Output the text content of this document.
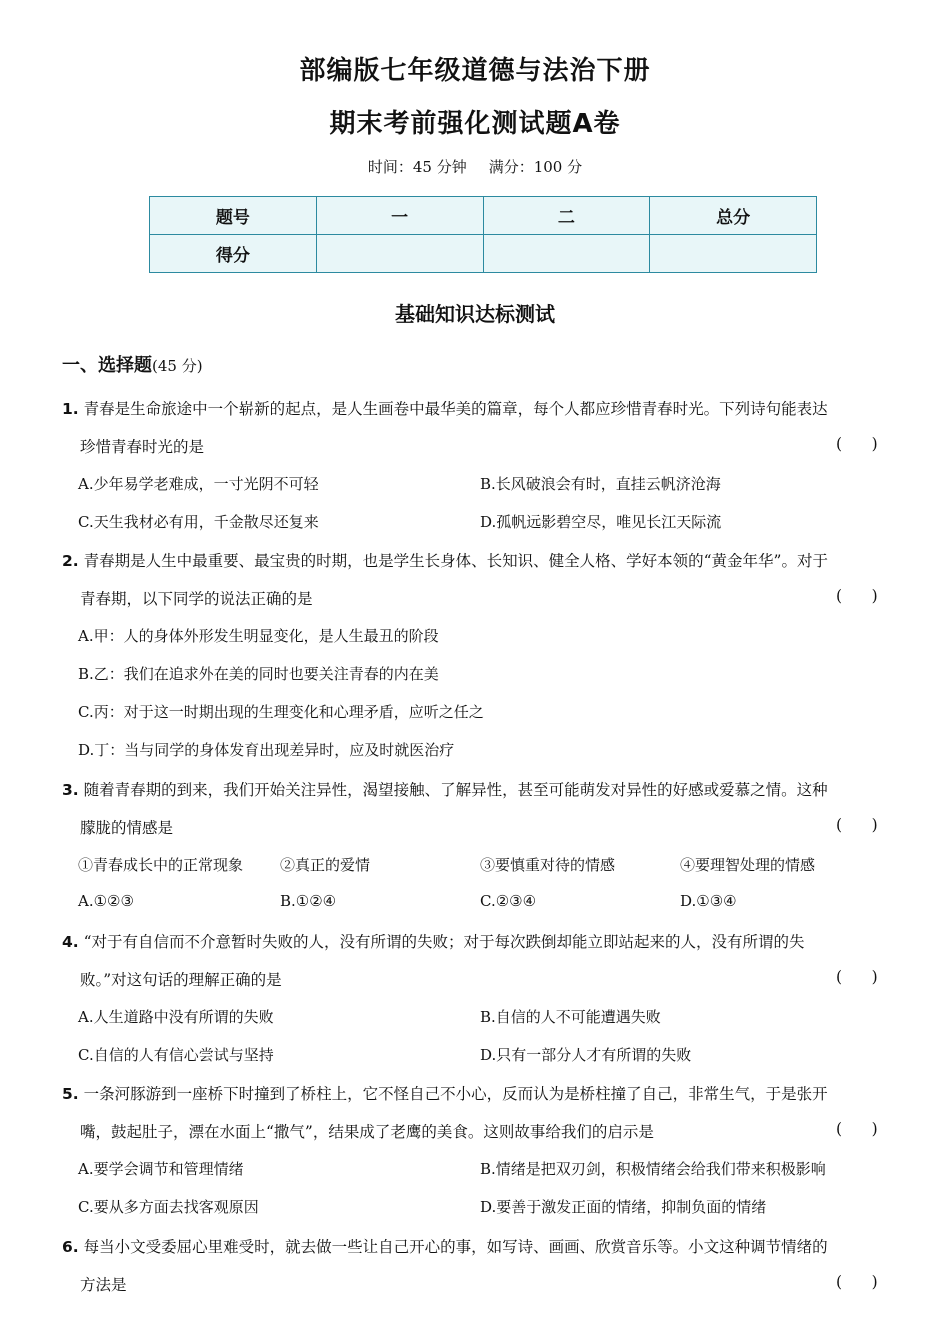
部编版七年级道德与法治下册
期末考前强化测试题A卷
时间：45 分钟 满分：100 分
题号	一	二	总分
得分			
基础知识达标测试
一、选择题(45 分)
1. 青春是生命旅途中一个崭新的起点，是人生画卷中最华美的篇章，每个人都应珍惜青春时光。下列诗句能表达
珍惜青春时光的是	(      )
A.少年易学老难成，一寸光阴不可轻	B.长风破浪会有时，直挂云帆济沧海
C.天生我材必有用，千金散尽还复来	D.孤帆远影碧空尽，唯见长江天际流
2. 青春期是人生中最重要、最宝贵的时期，也是学生长身体、长知识、健全人格、学好本领的“黄金年华”。对于
青春期，以下同学的说法正确的是	(      )
A.甲：人的身体外形发生明显变化，是人生最丑的阶段
B.乙：我们在追求外在美的同时也要关注青春的内在美
C.丙：对于这一时期出现的生理变化和心理矛盾，应听之任之
D.丁：当与同学的身体发育出现差异时，应及时就医治疗
3. 随着青春期的到来，我们开始关注异性，渴望接触、了解异性，甚至可能萌发对异性的好感或爱慕之情。这种
朦胧的情感是	(      )
①青春成长中的正常现象 ②真正的爱情	③要慎重对待的情感	④要理智处理的情感
A.①②③	B.①②④	C.②③④	D.①③④
4. “对于有自信而不介意暂时失败的人，没有所谓的失败；对于每次跌倒却能立即站起来的人，没有所谓的失
败。”对这句话的理解正确的是	(      )
A.人生道路中没有所谓的失败	B.自信的人不可能遭遇失败
C.自信的人有信心尝试与坚持	D.只有一部分人才有所谓的失败
5. 一条河豚游到一座桥下时撞到了桥柱上，它不怪自己不小心，反而认为是桥柱撞了自己，非常生气，于是张开
嘴，鼓起肚子，漂在水面上“撒气”，结果成了老鹰的美食。这则故事给我们的启示是	(      )
A.要学会调节和管理情绪	B.情绪是把双刃剑，积极情绪会给我们带来积极影响
C.要从多方面去找客观原因	D.要善于激发正面的情绪，抑制负面的情绪
6. 每当小文受委屈心里难受时，就去做一些让自己开心的事，如写诗、画画、欣赏音乐等。小文这种调节情绪的
方法是	(      )
